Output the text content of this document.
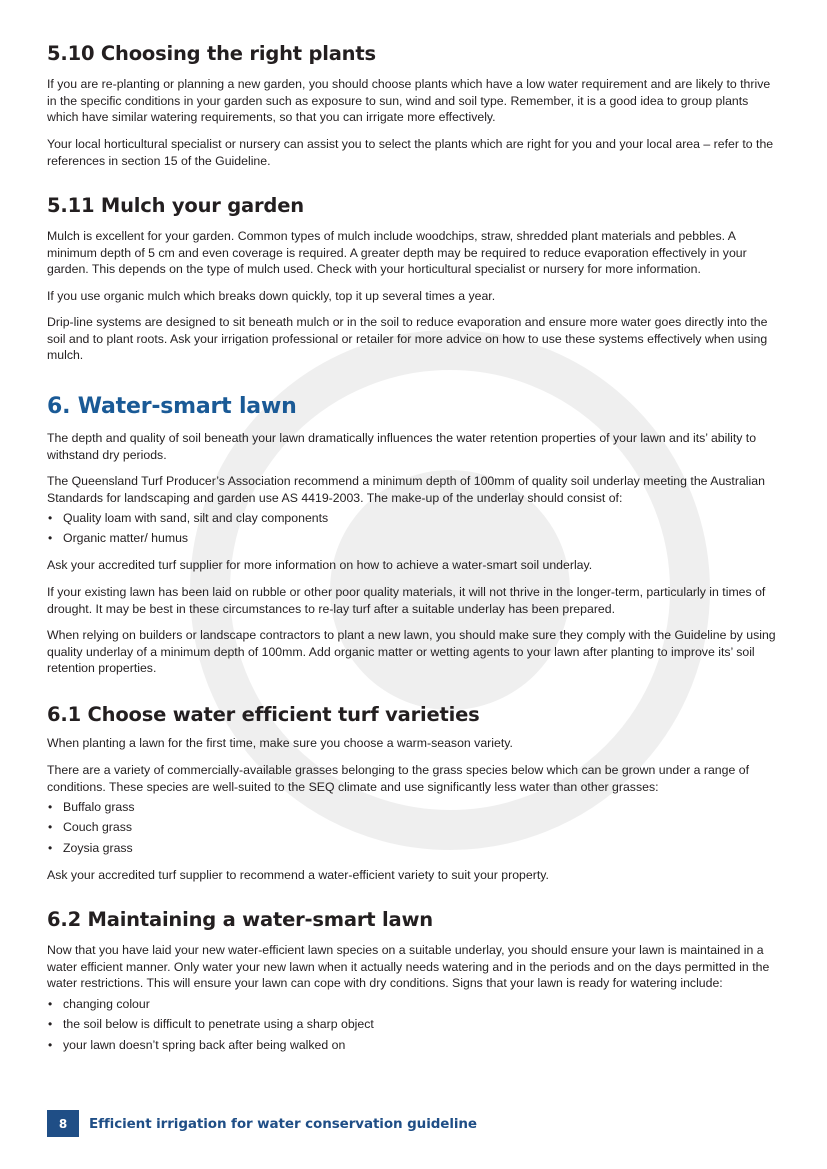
5.10 Choosing the right plants

If you are re-planting or planning a new garden, you should choose plants which have a low water requirement and are likely to thrive in the specific conditions in your garden such as exposure to sun, wind and soil type. Remember, it is a good idea to group plants which have similar watering requirements, so that you can irrigate more effectively.

Your local horticultural specialist or nursery can assist you to select the plants which are right for you and your local area – refer to the references in section 15 of the Guideline.

5.11 Mulch your garden

Mulch is excellent for your garden. Common types of mulch include woodchips, straw, shredded plant materials and pebbles. A minimum depth of 5 cm and even coverage is required. A greater depth may be required to reduce evaporation effectively in your garden. This depends on the type of mulch used. Check with your horticultural specialist or nursery for more information.

If you use organic mulch which breaks down quickly, top it up several times a year.

Drip-line systems are designed to sit beneath mulch or in the soil to reduce evaporation and ensure more water goes directly into the soil and to plant roots. Ask your irrigation professional or retailer for more advice on how to use these systems effectively when using mulch.

6. Water-smart lawn

The depth and quality of soil beneath your lawn dramatically influences the water retention properties of your lawn and its’ ability to withstand dry periods.

The Queensland Turf Producer’s Association recommend a minimum depth of 100mm of quality soil underlay meeting the Australian Standards for landscaping and garden use AS 4419-2003. The make-up of the underlay should consist of:

• Quality loam with sand, silt and clay components
• Organic matter/ humus

Ask your accredited turf supplier for more information on how to achieve a water-smart soil underlay.

If your existing lawn has been laid on rubble or other poor quality materials, it will not thrive in the longer-term, particularly in times of drought. It may be best in these circumstances to re-lay turf after a suitable underlay has been prepared.

When relying on builders or landscape contractors to plant a new lawn, you should make sure they comply with the Guideline by using quality underlay of a minimum depth of 100mm. Add organic matter or wetting agents to your lawn after planting to improve its’ soil retention properties.

6.1 Choose water efficient turf varieties

When planting a lawn for the first time, make sure you choose a warm-season variety.

There are a variety of commercially-available grasses belonging to the grass species below which can be grown under a range of conditions. These species are well-suited to the SEQ climate and use significantly less water than other grasses:

• Buffalo grass
• Couch grass
• Zoysia grass

Ask your accredited turf supplier to recommend a water-efficient variety to suit your property.

6.2 Maintaining a water-smart lawn

Now that you have laid your new water-efficient lawn species on a suitable underlay, you should ensure your lawn is maintained in a water efficient manner. Only water your new lawn when it actually needs watering and in the periods and on the days permitted in the water restrictions. This will ensure your lawn can cope with dry conditions. Signs that your lawn is ready for watering include:

• changing colour
• the soil below is difficult to penetrate using a sharp object
• your lawn doesn’t spring back after being walked on
8	Efficient irrigation for water conservation guideline
